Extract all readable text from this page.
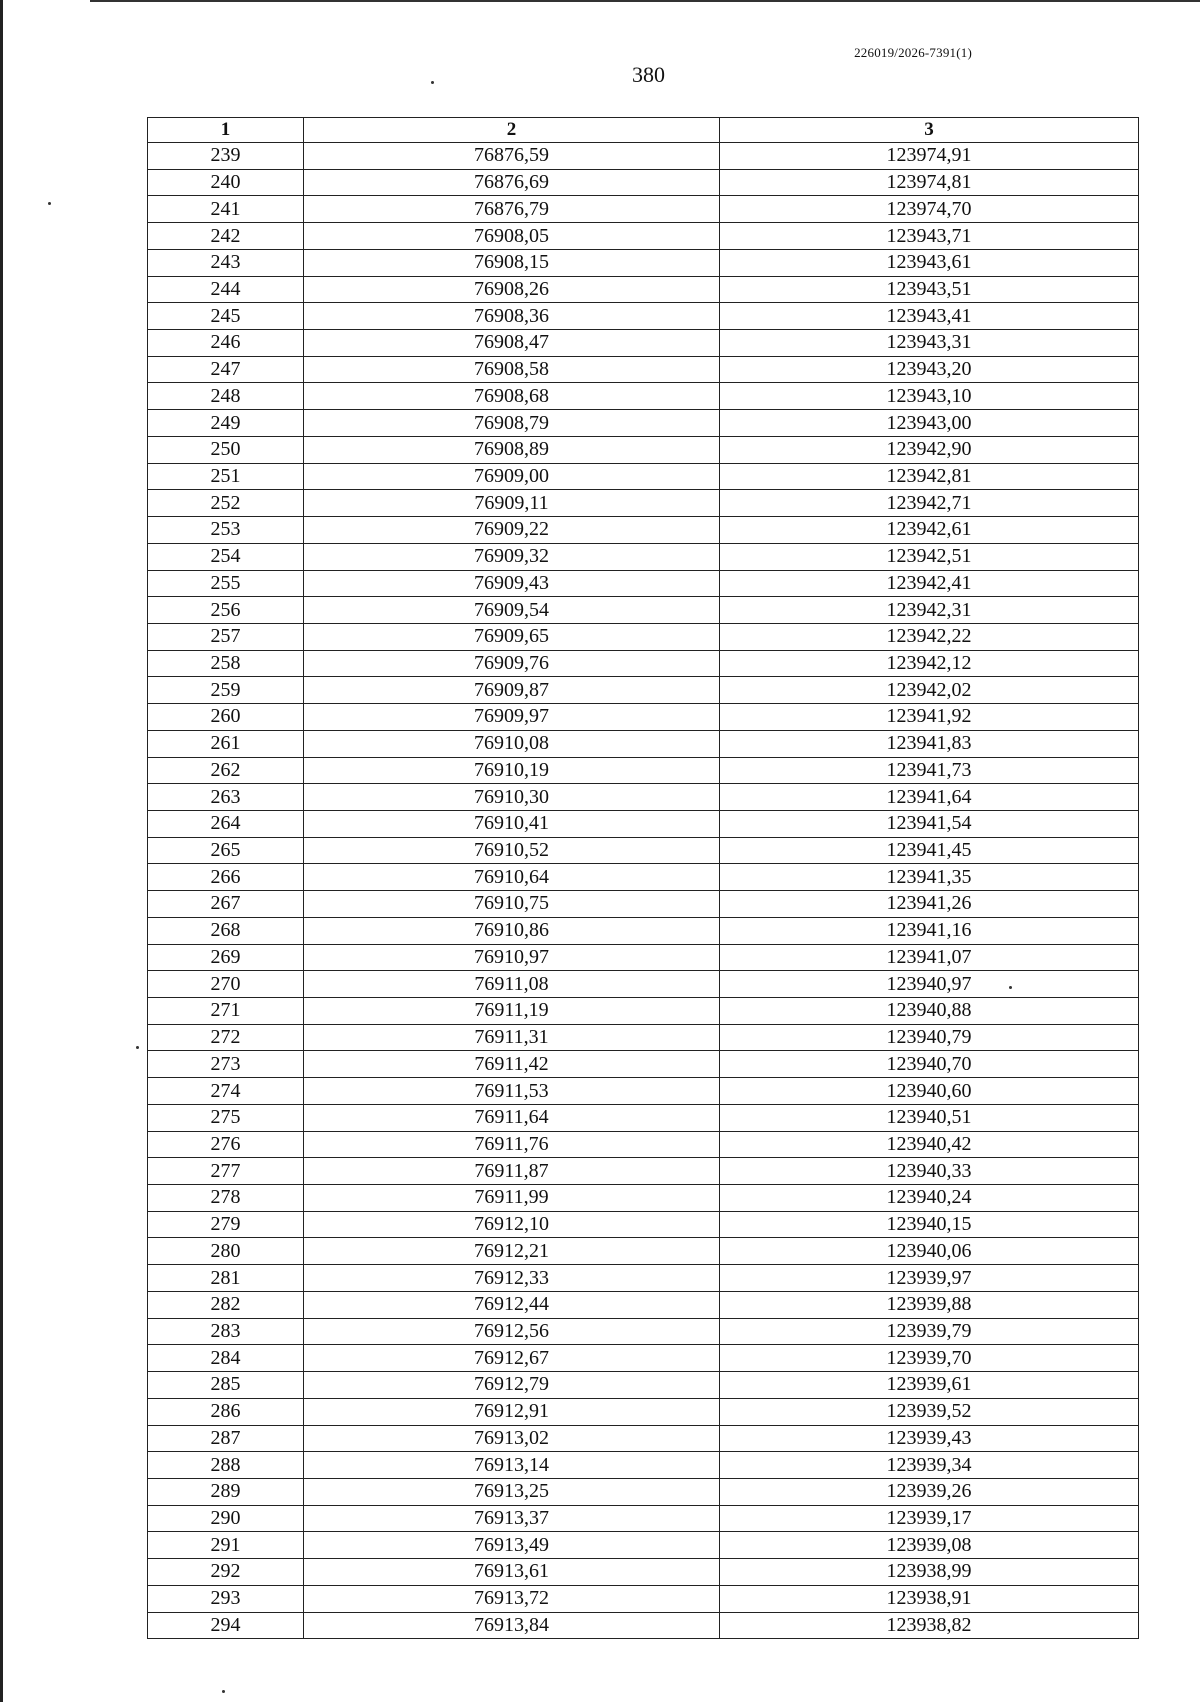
226019/2026-7391(1)
380
1	2	3
239	76876,59	123974,91
240	76876,69	123974,81
241	76876,79	123974,70
242	76908,05	123943,71
243	76908,15	123943,61
244	76908,26	123943,51
245	76908,36	123943,41
246	76908,47	123943,31
247	76908,58	123943,20
248	76908,68	123943,10
249	76908,79	123943,00
250	76908,89	123942,90
251	76909,00	123942,81
252	76909,11	123942,71
253	76909,22	123942,61
254	76909,32	123942,51
255	76909,43	123942,41
256	76909,54	123942,31
257	76909,65	123942,22
258	76909,76	123942,12
259	76909,87	123942,02
260	76909,97	123941,92
261	76910,08	123941,83
262	76910,19	123941,73
263	76910,30	123941,64
264	76910,41	123941,54
265	76910,52	123941,45
266	76910,64	123941,35
267	76910,75	123941,26
268	76910,86	123941,16
269	76910,97	123941,07
270	76911,08	123940,97
271	76911,19	123940,88
272	76911,31	123940,79
273	76911,42	123940,70
274	76911,53	123940,60
275	76911,64	123940,51
276	76911,76	123940,42
277	76911,87	123940,33
278	76911,99	123940,24
279	76912,10	123940,15
280	76912,21	123940,06
281	76912,33	123939,97
282	76912,44	123939,88
283	76912,56	123939,79
284	76912,67	123939,70
285	76912,79	123939,61
286	76912,91	123939,52
287	76913,02	123939,43
288	76913,14	123939,34
289	76913,25	123939,26
290	76913,37	123939,17
291	76913,49	123939,08
292	76913,61	123938,99
293	76913,72	123938,91
294	76913,84	123938,82
